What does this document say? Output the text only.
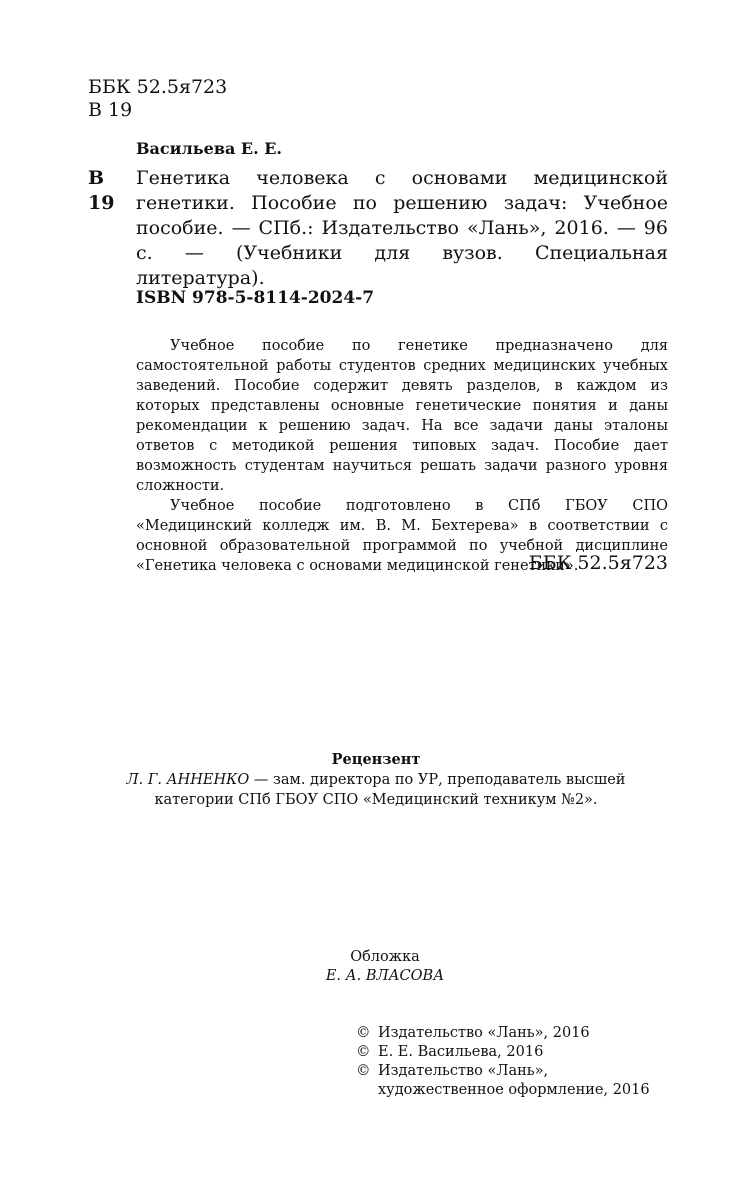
ББК 52.5я723
В 19
Васильева Е. Е.
В 19
Генетика человека с основами медицинской генетики. Пособие по решению задач: Учебное пособие. — СПб.: Издательство «Лань», 2016. — 96 с. — (Учебники для вузов. Специальная литература).
ISBN 978-5-8114-2024-7

Учебное пособие по генетике предназначено для самостоятельной работы студентов средних медицинских учебных заведений. Пособие содержит девять разделов, в каждом из которых представлены основные генетические понятия и даны рекомендации к решению задач. На все задачи даны эталоны ответов с методикой решения типовых задач. Пособие дает возможность студентам научиться решать задачи разного уровня сложности.

Учебное пособие подготовлено в СПб ГБОУ СПО «Медицинский колледж им. В. М. Бехтерева» в соответствии с основной образовательной программой по учебной дисциплине «Генетика человека с основами медицинской генетики».

ББК 52.5я723
Рецензент
Л. Г. АННЕНКО — зам. директора по УР, преподаватель высшей категории СПб ГБОУ СПО «Медицинский техникум №2».
Обложка
Е. А. ВЛАСОВА
© Издательство «Лань», 2016
© Е. Е. Васильева, 2016
© Издательство «Лань»,
художественное оформление, 2016
